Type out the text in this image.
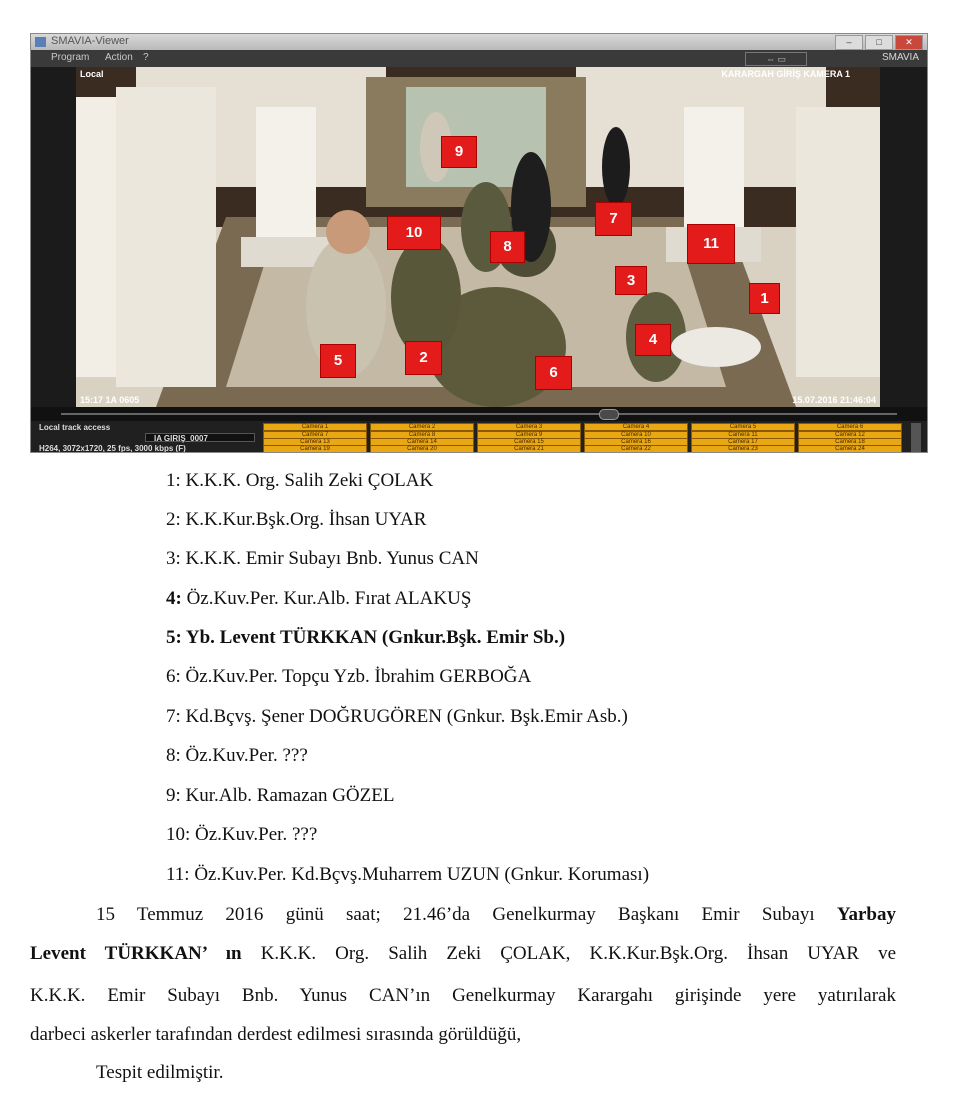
SMAVIA-Viewer	–	□	✕
Program Action ?	⇔ ▭	SMAVIA
Local	KARARGAH GİRİŞ KAMERA 1
15:17 1A 0605	15.07.2016 21:46:04
1
2
3
4
5
6
7
8
9
10
11
Local track access
IA GIRIŞ_0007
H264, 3072x1720, 25 fps, 3000 kbps (F)
Camera 1	Camera 2	Camera 3	Camera 4	Camera 5	Camera 6
Camera 7	Camera 8	Camera 9	Camera 10	Camera 11	Camera 12
Camera 13	Camera 14	Camera 15	Camera 16	Camera 17	Camera 18
Camera 19	Camera 20	Camera 21	Camera 22	Camera 23	Camera 24
1: K.K.K. Org. Salih Zeki ÇOLAK
2: K.K.Kur.Bşk.Org. İhsan UYAR
3: K.K.K. Emir Subayı Bnb. Yunus CAN
4: Öz.Kuv.Per. Kur.Alb. Fırat ALAKUŞ
5: Yb. Levent TÜRKKAN (Gnkur.Bşk. Emir Sb.)
6: Öz.Kuv.Per. Topçu Yzb. İbrahim GERBOĞA
7: Kd.Bçvş. Şener DOĞRUGÖREN (Gnkur. Bşk.Emir Asb.)
8: Öz.Kuv.Per. ???
9: Kur.Alb. Ramazan GÖZEL
10: Öz.Kuv.Per. ???
11: Öz.Kuv.Per. Kd.Bçvş.Muharrem UZUN (Gnkur. Koruması)
15 Temmuz 2016 günü saat; 21.46’da Genelkurmay Başkanı Emir Subayı Yarbay
Levent TÜRKKAN’ ın K.K.K. Org. Salih Zeki ÇOLAK, K.K.Kur.Bşk.Org. İhsan UYAR ve
K.K.K. Emir Subayı Bnb. Yunus CAN’ın Genelkurmay Karargahı girişinde yere yatırılarak
darbeci askerler tarafından derdest edilmesi sırasında görüldüğü,
Tespit edilmiştir.
